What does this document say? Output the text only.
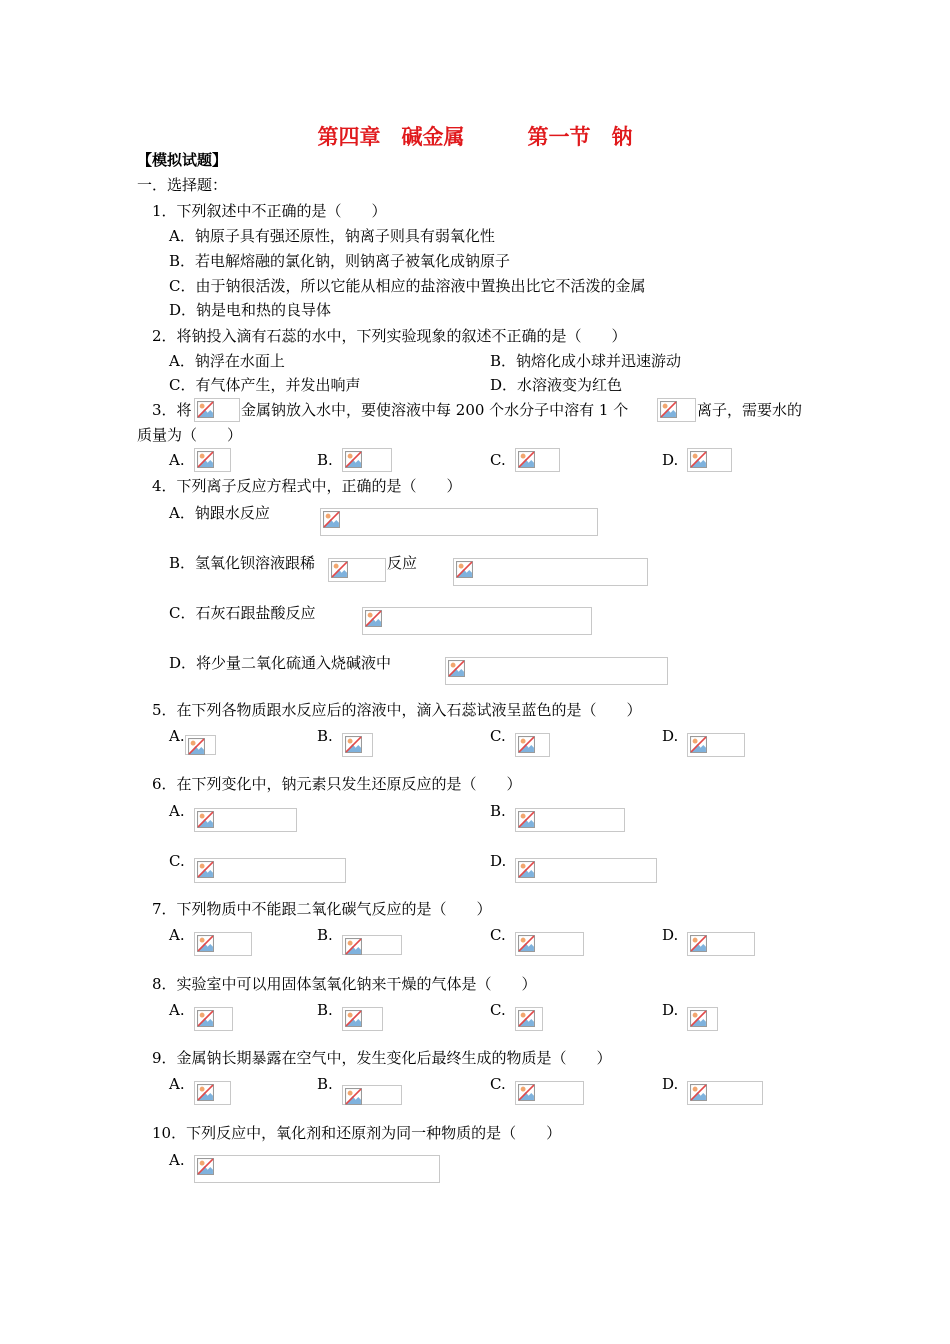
第四章　碱金属　　　第一节　钠
【模拟试题】
一．选择题：
1．下列叙述中不正确的是（　　）
A．钠原子具有强还原性，钠离子则具有弱氧化性
B．若电解熔融的氯化钠，则钠离子被氧化成钠原子
C．由于钠很活泼，所以它能从相应的盐溶液中置换出比它不活泼的金属
D．钠是电和热的良导体
2．将钠投入滴有石蕊的水中，下列实验现象的叙述不正确的是（　　）
A．钠浮在水面上	B．钠熔化成小球并迅速游动
C．有气体产生，并发出响声	D．水溶液变为红色
3．将	金属钠放入水中，要使溶液中每 200 个水分子中溶有 1 个	离子，需要水的
质量为（　　）
A.	B.	C.	D.
4．下列离子反应方程式中，正确的是（　　）
A．钠跟水反应
B．氢氧化钡溶液跟稀	反应
C．石灰石跟盐酸反应
D．将少量二氧化硫通入烧碱液中
5．在下列各物质跟水反应后的溶液中，滴入石蕊试液呈蓝色的是（　　）
A.	B.	C.	D.
6．在下列变化中，钠元素只发生还原反应的是（　　）
A.	B.
C.	D.
7．下列物质中不能跟二氧化碳气反应的是（　　）
A.	B.	C.	D.
8．实验室中可以用固体氢氧化钠来干燥的气体是（　　）
A.	B.	C.	D.
9．金属钠长期暴露在空气中，发生变化后最终生成的物质是（　　）
A.	B.	C.	D.
10．下列反应中，氧化剂和还原剂为同一种物质的是（　　）
A.
